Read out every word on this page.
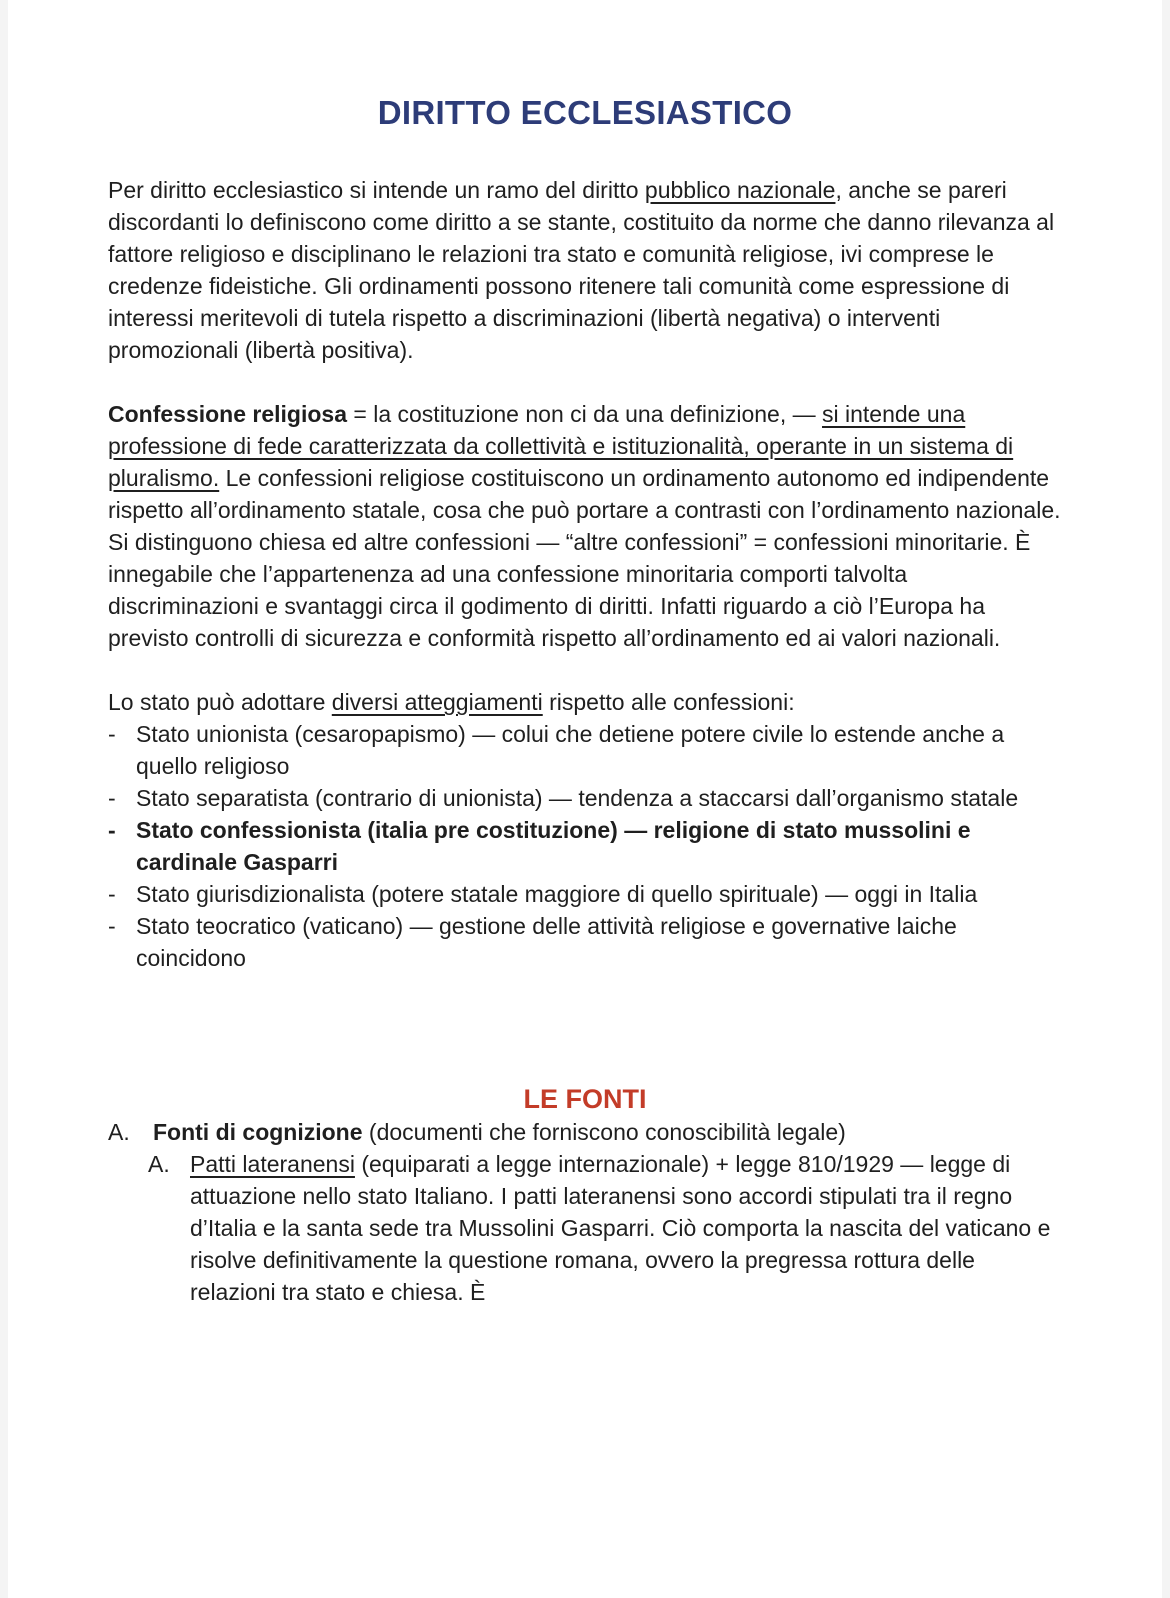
DIRITTO ECCLESIASTICO

Per diritto ecclesiastico si intende un ramo del diritto pubblico nazionale, anche se pareri discordanti lo definiscono come diritto a se stante, costituito da norme che danno rilevanza al fattore religioso e disciplinano le relazioni tra stato e comunità religiose, ivi comprese le credenze fideistiche. Gli ordinamenti possono ritenere tali comunità come espressione di interessi meritevoli di tutela rispetto a discriminazioni (libertà negativa) o interventi promozionali (libertà positiva).

Confessione religiosa = la costituzione non ci da una definizione, — si intende una professione di fede caratterizzata da collettività e istituzionalità, operante in un sistema di pluralismo. Le confessioni religiose costituiscono un ordinamento autonomo ed indipendente rispetto all’ordinamento statale, cosa che può portare a contrasti con l’ordinamento nazionale.
Si distinguono chiesa ed altre confessioni — “altre confessioni” = confessioni minoritarie. È innegabile che l’appartenenza ad una confessione minoritaria comporti talvolta discriminazioni e svantaggi circa il godimento di diritti. Infatti riguardo a ciò l’Europa ha previsto controlli di sicurezza e conformità rispetto all’ordinamento ed ai valori nazionali.

Lo stato può adottare diversi atteggiamenti rispetto alle confessioni:

- Stato unionista (cesaropapismo) — colui che detiene potere civile lo estende anche a quello religioso
- Stato separatista (contrario di unionista) — tendenza a staccarsi dall’organismo statale
- Stato confessionista (italia pre costituzione) — religione di stato mussolini e cardinale Gasparri
- Stato giurisdizionalista (potere statale maggiore di quello spirituale) — oggi in Italia
- Stato teocratico (vaticano) — gestione delle attività religiose e governative laiche coincidono
LE FONTI
A.	Fonti di cognizione (documenti che forniscono conoscibilità legale)
A. Patti lateranensi (equiparati a legge internazionale) + legge 810/1929 — legge di attuazione nello stato Italiano. I patti lateranensi sono accordi stipulati tra il regno d’Italia e la santa sede tra Mussolini Gasparri. Ciò comporta la nascita del vaticano e risolve definitivamente la questione romana, ovvero la pregressa rottura delle relazioni tra stato e chiesa. È
